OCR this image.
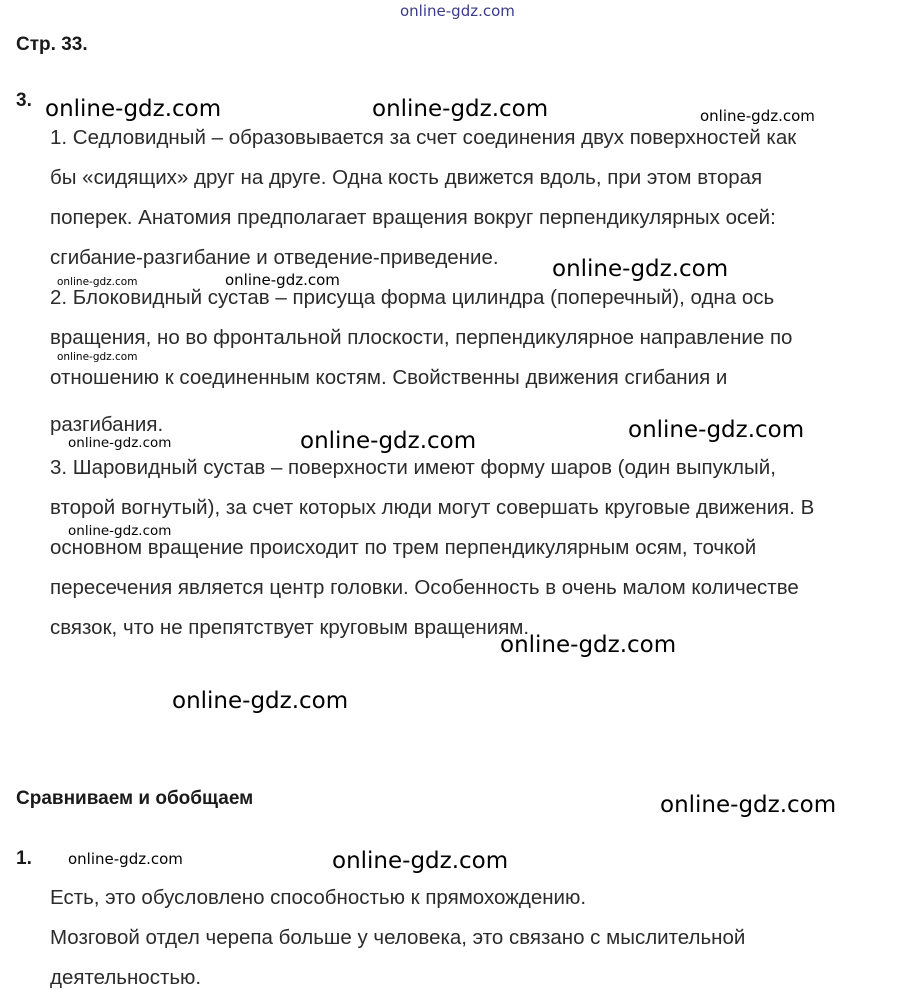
online-gdz.com
Стр. 33.
3.
1. Седловидный – образовывается за счет соединения двух поверхностей как
бы «сидящих» друг на друге. Одна кость движется вдоль, при этом вторая
поперек. Анатомия предполагает вращения вокруг перпендикулярных осей:
сгибание-разгибание и отведение-приведение.
2. Блоковидный сустав – присуща форма цилиндра (поперечный), одна ось
вращения, но во фронтальной плоскости, перпендикулярное направление по
отношению к соединенным костям. Свойственны движения сгибания и
разгибания.
3. Шаровидный сустав – поверхности имеют форму шаров (один выпуклый,
второй вогнутый), за счет которых люди могут совершать круговые движения. В
основном вращение происходит по трем перпендикулярным осям, точкой
пересечения является центр головки. Особенность в очень малом количестве
связок, что не препятствует круговым вращениям.
Сравниваем и обобщаем
1.
Есть, это обусловлено способностью к прямохождению.
Мозговой отдел черепа больше у человека, это связано с мыслительной
деятельностью.
online-gdz.com	online-gdz.com	online-gdz.com
online-gdz.com
online-gdz.com
online-gdz.com
online-gdz.com
online-gdz.com	online-gdz.com
online-gdz.com
online-gdz.com
online-gdz.com
online-gdz.com
online-gdz.com
online-gdz.com
online-gdz.com
